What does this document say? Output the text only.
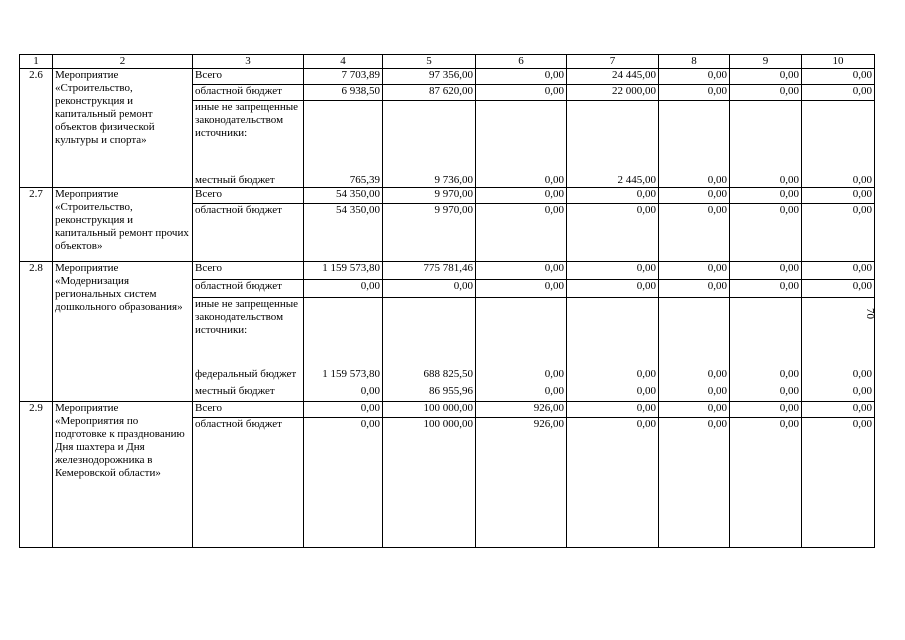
1	2	3	4	5	6	7	8	9	10
2.6	Мероприятие «Строительство, реконструкция и капитальный ремонт объектов физической культуры и спорта»	Всего	7 703,89	97 356,00	0,00	24 445,00	0,00	0,00	0,00
		областной бюджет	6 938,50	87 620,00	0,00	22 000,00	0,00	0,00	0,00
		иные не запрещенные законодательством источники:							
		местный бюджет	765,39	9 736,00	0,00	2 445,00	0,00	0,00	0,00
2.7	Мероприятие «Строительство, реконструкция и капитальный ремонт прочих объектов»	Всего	54 350,00	9 970,00	0,00	0,00	0,00	0,00	0,00
		областной бюджет	54 350,00	9 970,00	0,00	0,00	0,00	0,00	0,00
2.8	Мероприятие «Модернизация региональных систем дошкольного образования»	Всего	1 159 573,80	775 781,46	0,00	0,00	0,00	0,00	0,00
		областной бюджет	0,00	0,00	0,00	0,00	0,00	0,00	0,00
		иные не запрещенные законодательством источники:							
		федеральный бюджет	1 159 573,80	688 825,50	0,00	0,00	0,00	0,00	0,00
		местный бюджет	0,00	86 955,96	0,00	0,00	0,00	0,00	0,00
2.9	Мероприятие «Мероприятия по подготовке к празднованию Дня шахтера и Дня железнодорожника в Кемеровской области»	Всего	0,00	100 000,00	926,00	0,00	0,00	0,00	0,00
		областной бюджет	0,00	100 000,00	926,00	0,00	0,00	0,00	0,00
70
